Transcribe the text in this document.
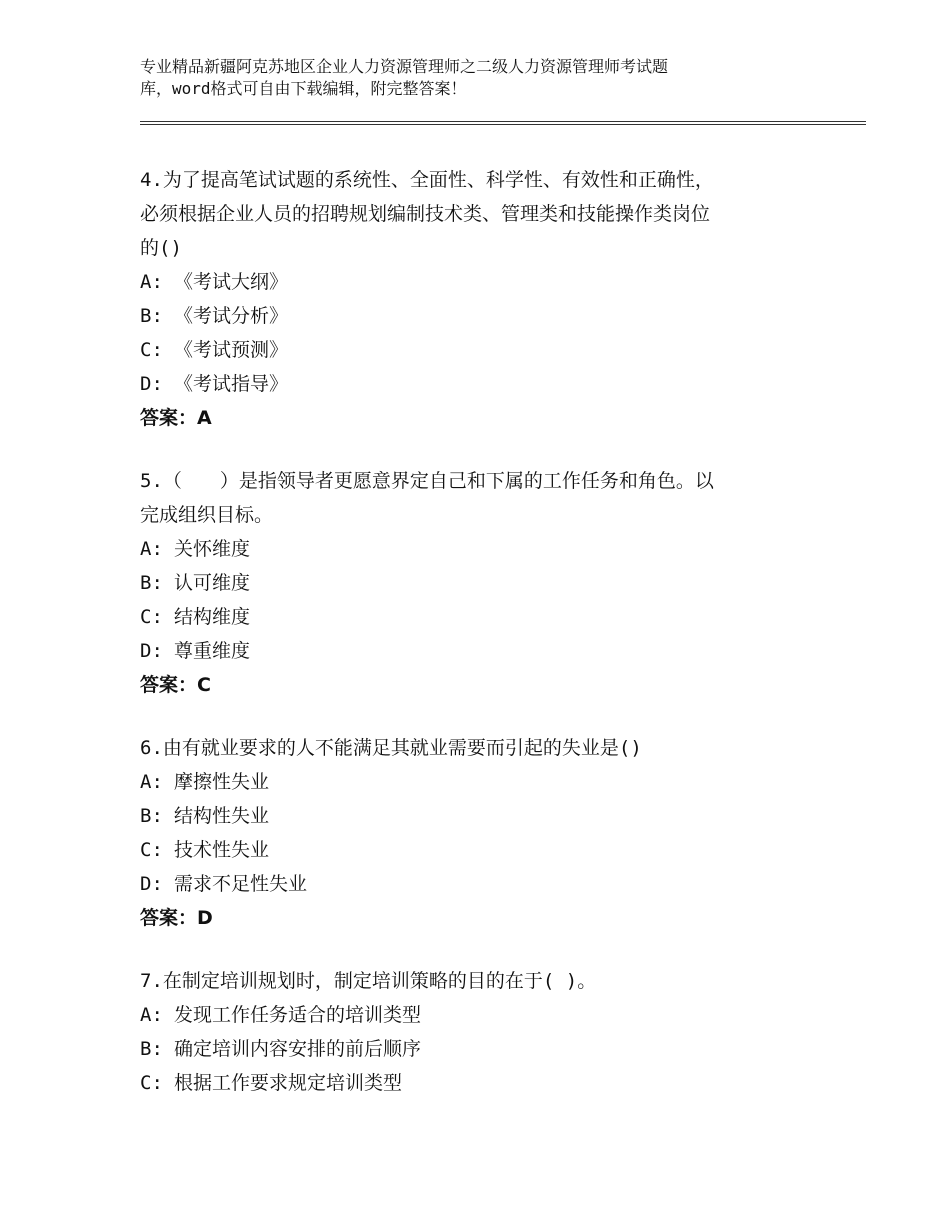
专业精品新疆阿克苏地区企业人力资源管理师之二级人力资源管理师考试题
库，word格式可自由下载编辑，附完整答案！
4.为了提高笔试试题的系统性、全面性、科学性、有效性和正确性，
必须根据企业人员的招聘规划编制技术类、管理类和技能操作类岗位
的()
A: 《考试大纲》
B: 《考试分析》
C: 《考试预测》
D: 《考试指导》
答案：A
5.（　　）是指领导者更愿意界定自己和下属的工作任务和角色。以
完成组织目标。
A: 关怀维度
B: 认可维度
C: 结构维度
D: 尊重维度
答案：C
6.由有就业要求的人不能满足其就业需要而引起的失业是()
A: 摩擦性失业
B: 结构性失业
C: 技术性失业
D: 需求不足性失业
答案：D
7.在制定培训规划时，制定培训策略的目的在于( )。
A: 发现工作任务适合的培训类型
B: 确定培训内容安排的前后顺序
C: 根据工作要求规定培训类型
